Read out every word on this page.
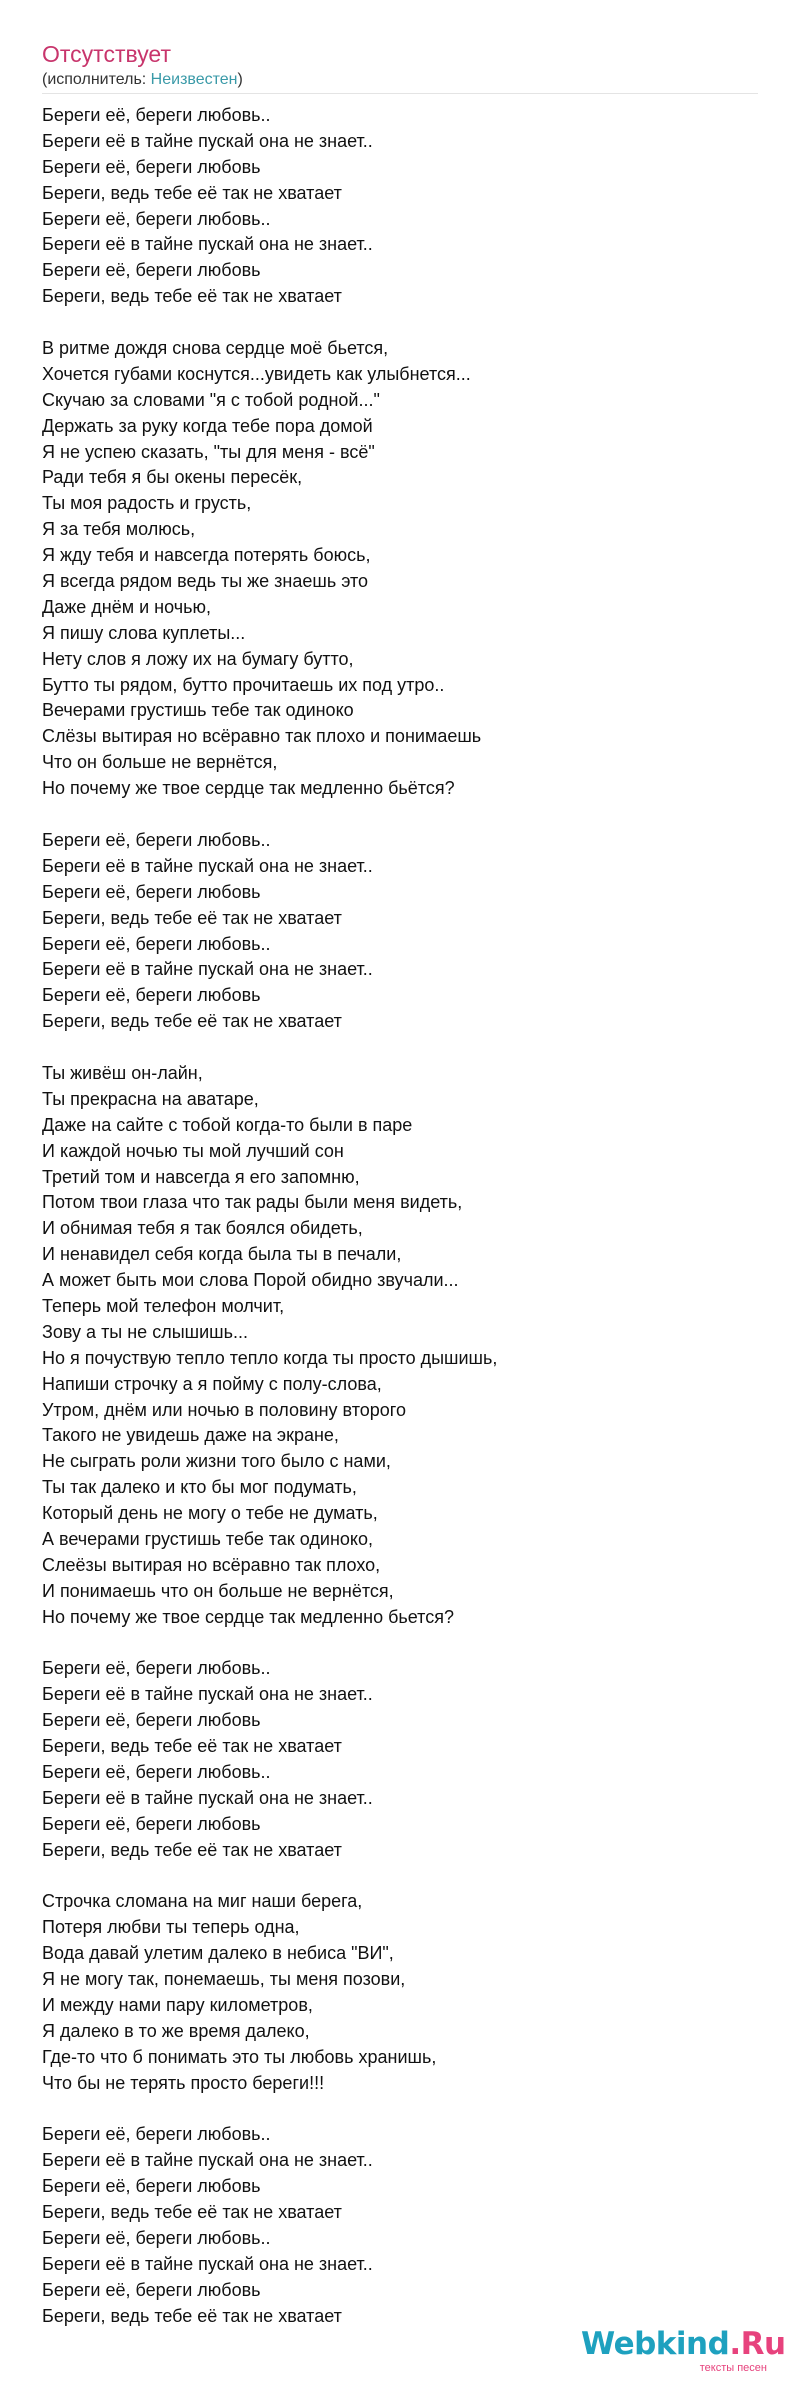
Отсутствует
(исполнитель: Неизвестен)
Береги её, береги любовь..
Береги её в тайне пускай она не знает..
Береги её, береги любовь
Береги, ведь тебе её так не хватает
Береги её, береги любовь..
Береги её в тайне пускай она не знает..
Береги её, береги любовь
Береги, ведь тебе её так не хватает
В ритме дождя снова сердце моё бьется,
Хочется губами коснутся...увидеть как улыбнется...
Скучаю за словами "я с тобой родной..."
Держать за руку когда тебе пора домой
Я не успею сказать, "ты для меня - всё"
Ради тебя я бы окены пересёк,
Ты моя радость и грусть,
Я за тебя молюсь,
Я жду тебя и навсегда потерять боюсь,
Я всегда рядом ведь ты же знаешь это
Даже днём и ночью,
Я пишу слова куплеты...
Нету слов я ложу их на бумагу бутто,
Бутто ты рядом, бутто прочитаешь их под утро..
Вечерами грустишь тебе так одиноко
Слёзы вытирая но всёравно так плохо и понимаешь
Что он больше не вернётся,
Но почему же твое сердце так медленно бьётся?
Береги её, береги любовь..
Береги её в тайне пускай она не знает..
Береги её, береги любовь
Береги, ведь тебе её так не хватает
Береги её, береги любовь..
Береги её в тайне пускай она не знает..
Береги её, береги любовь
Береги, ведь тебе её так не хватает
Ты живёш он-лайн,
Ты прекрасна на аватаре,
Даже на сайте с тобой когда-то были в паре
И каждой ночью ты мой лучший сон
Третий том и навсегда я его запомню,
Потом твои глаза что так рады были меня видеть,
И обнимая тебя я так боялся обидеть,
И ненавидел себя когда была ты в печали,
А может быть мои слова Порой обидно звучали...
Теперь мой телефон молчит,
Зову а ты не слышишь...
Но я почуствую тепло тепло когда ты просто дышишь,
Напиши строчку а я пойму с полу-слова,
Утром, днём или ночью в половину второго
Такого не увидешь даже на экране,
Не сыграть роли жизни того было с нами,
Ты так далеко и кто бы мог подумать,
Который день не могу о тебе не думать,
А вечерами грустишь тебе так одиноко,
Слеёзы вытирая но всёравно так плохо,
И понимаешь что он больше не вернётся,
Но почему же твое сердце так медленно бьется?
Береги её, береги любовь..
Береги её в тайне пускай она не знает..
Береги её, береги любовь
Береги, ведь тебе её так не хватает
Береги её, береги любовь..
Береги её в тайне пускай она не знает..
Береги её, береги любовь
Береги, ведь тебе её так не хватает
Строчка сломана на миг наши берега,
Потеря любви ты теперь одна,
Вода давай улетим далеко в небиса "ВИ",
Я не могу так, понемаешь, ты меня позови,
И между нами пару километров,
Я далеко в то же время далеко,
Где-то что б понимать это ты любовь хранишь,
Что бы не терять просто береги!!!
Береги её, береги любовь..
Береги её в тайне пускай она не знает..
Береги её, береги любовь
Береги, ведь тебе её так не хватает
Береги её, береги любовь..
Береги её в тайне пускай она не знает..
Береги её, береги любовь
Береги, ведь тебе её так не хватает
Webkind.Ru
тексты песен
